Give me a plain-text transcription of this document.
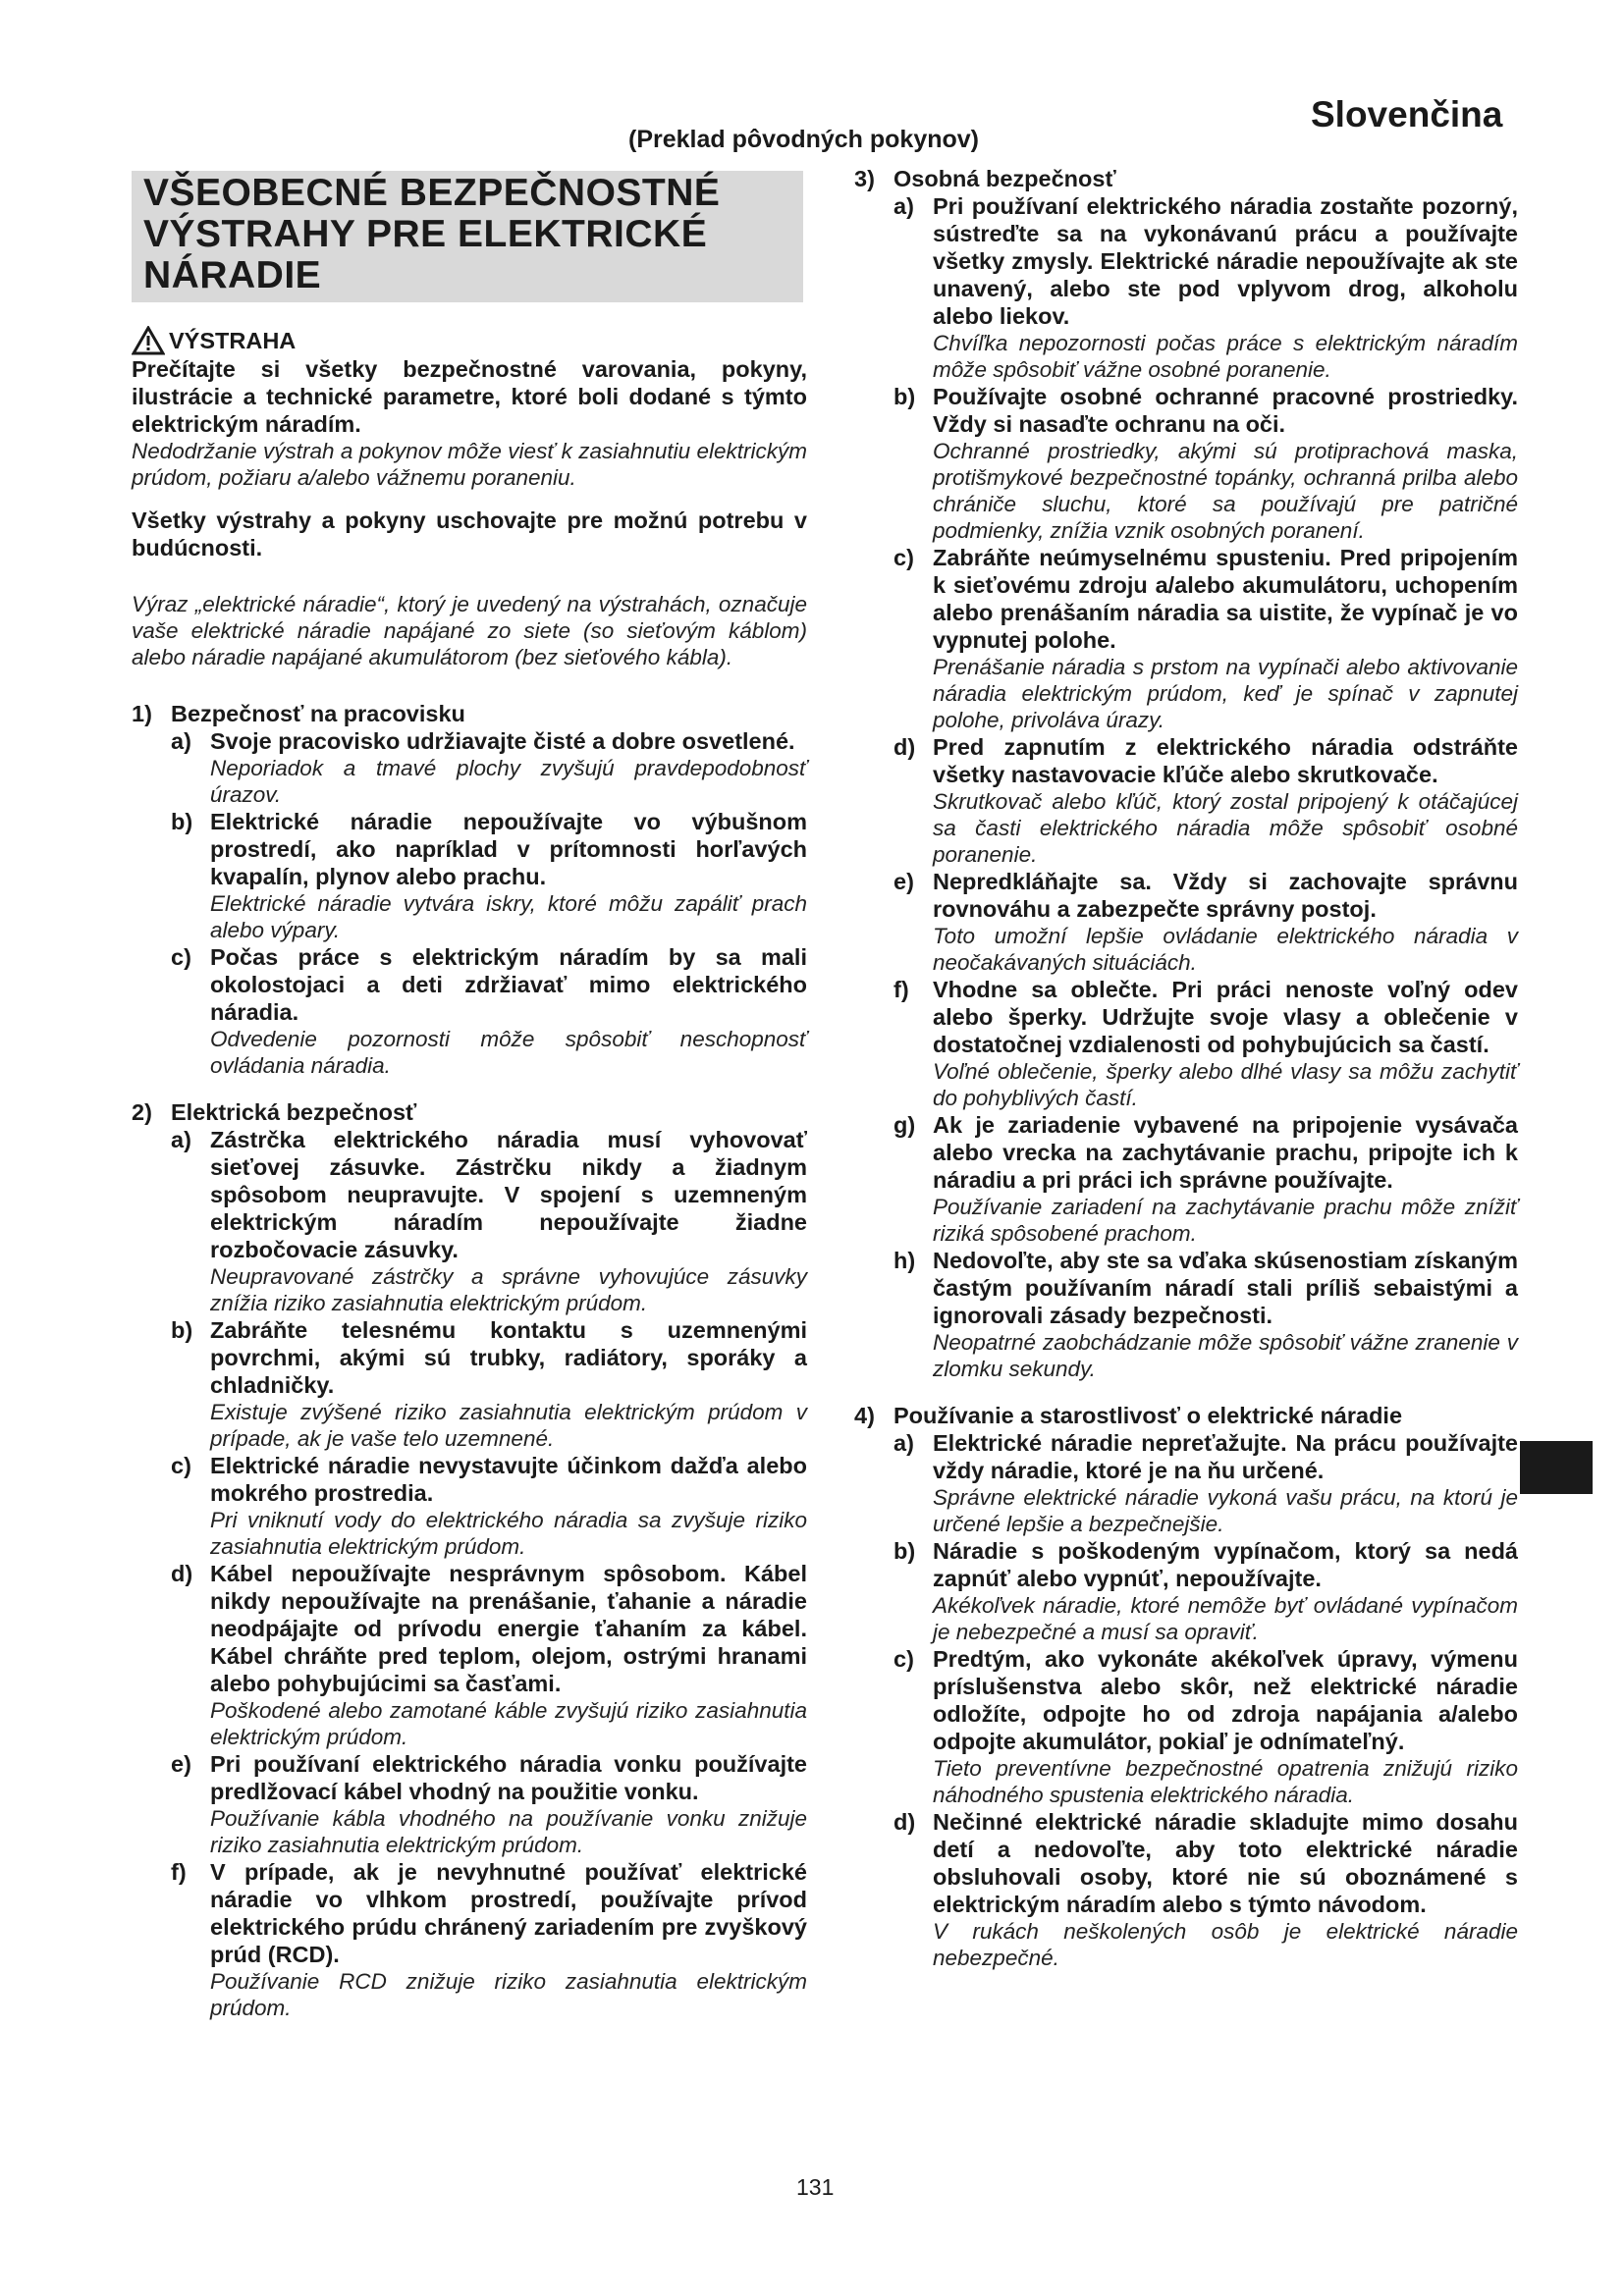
Slovenčina
(Preklad pôvodných pokynov)
VŠEOBECNÉ BEZPEČNOSTNÉ
VÝSTRAHY PRE ELEKTRICKÉ
NÁRADIE
VÝSTRAHA

Prečítajte si všetky bezpečnostné varovania, pokyny, ilustrácie a technické parametre, ktoré boli dodané s týmto elektrickým náradím.

Nedodržanie výstrah a pokynov môže viesť k zasiahnutiu elektrickým prúdom, požiaru a/alebo vážnemu poraneniu.

Všetky výstrahy a pokyny uschovajte pre možnú potrebu v budúcnosti.

Výraz „elektrické náradie“, ktorý je uvedený na výstrahách, označuje vaše elektrické náradie napájané zo siete (so sieťovým káblom) alebo náradie napájané akumulátorom (bez sieťového kábla).

1) Bezpečnosť na pracovisku
a) Svoje pracovisko udržiavajte čisté a dobre osvetlené.

Neporiadok a tmavé plochy zvyšujú pravdepodobnosť úrazov.

b) Elektrické náradie nepoužívajte vo výbušnom prostredí, ako napríklad v prítomnosti horľavých kvapalín, plynov alebo prachu.

Elektrické náradie vytvára iskry, ktoré môžu zapáliť prach alebo výpary.

c) Počas práce s elektrickým náradím by sa mali okolostojaci a deti zdržiavať mimo elektrického náradia.

Odvedenie pozornosti môže spôsobiť neschopnosť ovládania náradia.

2) Elektrická bezpečnosť
a) Zástrčka elektrického náradia musí vyhovovať sieťovej zásuvke. Zástrčku nikdy a žiadnym spôsobom neupravujte. V spojení s uzemneným elektrickým náradím nepoužívajte žiadne rozbočovacie zásuvky.

Neupravované zástrčky a správne vyhovujúce zásuvky znížia riziko zasiahnutia elektrickým prúdom.

b) Zabráňte telesnému kontaktu s uzemnenými povrchmi, akými sú trubky, radiátory, sporáky a chladničky.

Existuje zvýšené riziko zasiahnutia elektrickým prúdom v prípade, ak je vaše telo uzemnené.

c) Elektrické náradie nevystavujte účinkom dažďa alebo mokrého prostredia.

Pri vniknutí vody do elektrického náradia sa zvyšuje riziko zasiahnutia elektrickým prúdom.

d) Kábel nepoužívajte nesprávnym spôsobom. Kábel nikdy nepoužívajte na prenášanie, ťahanie a náradie neodpájajte od prívodu energie ťahaním za kábel. Kábel chráňte pred teplom, olejom, ostrými hranami alebo pohybujúcimi sa časťami.

Poškodené alebo zamotané káble zvyšujú riziko zasiahnutia elektrickým prúdom.

e) Pri používaní elektrického náradia vonku používajte predlžovací kábel vhodný na použitie vonku.

Používanie kábla vhodného na používanie vonku znižuje riziko zasiahnutia elektrickým prúdom.

f)	V prípade, ak je nevyhnutné používať elektrické náradie vo vlhkom prostredí, používajte prívod elektrického prúdu chránený zariadením pre zvyškový prúd (RCD).

Používanie RCD znižuje riziko zasiahnutia elektrickým prúdom.

3) Osobná bezpečnosť
a) Pri používaní elektrického náradia zostaňte pozorný, sústreďte sa na vykonávanú prácu a používajte všetky zmysly. Elektrické náradie nepoužívajte ak ste unavený, alebo ste pod vplyvom drog, alkoholu alebo liekov.

Chvíľka nepozornosti počas práce s elektrickým náradím môže spôsobiť vážne osobné poranenie.

b) Používajte osobné ochranné pracovné prostriedky. Vždy si nasaďte ochranu na oči.

Ochranné prostriedky, akými sú protiprachová maska, protišmykové bezpečnostné topánky, ochranná prilba alebo chrániče sluchu, ktoré sa používajú pre patričné podmienky, znížia vznik osobných poranení.

c) Zabráňte neúmyselnému spusteniu. Pred pripojením k sieťovému zdroju a/alebo akumulátoru, uchopením alebo prenášaním náradia sa uistite, že vypínač je vo vypnutej polohe.

Prenášanie náradia s prstom na vypínači alebo aktivovanie náradia elektrickým prúdom, keď je spínač v zapnutej polohe, privoláva úrazy.

d) Pred zapnutím z elektrického náradia odstráňte všetky nastavovacie kľúče alebo skrutkovače.

Skrutkovač alebo kľúč, ktorý zostal pripojený k otáčajúcej sa časti elektrického náradia môže spôsobiť osobné poranenie.

e) Nepredkláňajte sa. Vždy si zachovajte správnu rovnováhu a zabezpečte správny postoj.

Toto umožní lepšie ovládanie elektrického náradia v neočakávaných situáciách.

f)	Vhodne sa oblečte. Pri práci nenoste voľný odev alebo šperky. Udržujte svoje vlasy a oblečenie v dostatočnej vzdialenosti od pohybujúcich sa častí.

Voľné oblečenie, šperky alebo dlhé vlasy sa môžu zachytiť do pohyblivých častí.

g) Ak je zariadenie vybavené na pripojenie vysávača alebo vrecka na zachytávanie prachu, pripojte ich k náradiu a pri práci ich správne používajte.

Používanie zariadení na zachytávanie prachu môže znížiť riziká spôsobené prachom.

h) Nedovoľte, aby ste sa vďaka skúsenostiam získaným častým používaním náradí stali príliš sebaistými a ignorovali zásady bezpečnosti.

Neopatrné zaobchádzanie môže spôsobiť vážne zranenie v zlomku sekundy.

4) Používanie a starostlivosť o elektrické náradie
a) Elektrické náradie nepreťažujte. Na prácu používajte vždy náradie, ktoré je na ňu určené.

Správne elektrické náradie vykoná vašu prácu, na ktorú je určené lepšie a bezpečnejšie.

b) Náradie s poškodeným vypínačom, ktorý sa nedá zapnúť alebo vypnúť, nepoužívajte.

Akékoľvek náradie, ktoré nemôže byť ovládané vypínačom je nebezpečné a musí sa opraviť.

c) Predtým, ako vykonáte akékoľvek úpravy, výmenu príslušenstva alebo skôr, než elektrické náradie odložíte, odpojte ho od zdroja napájania a/alebo odpojte akumulátor, pokiaľ je odnímateľný.

Tieto preventívne bezpečnostné opatrenia znižujú riziko náhodného spustenia elektrického náradia.

d) Nečinné elektrické náradie skladujte mimo dosahu detí a nedovoľte, aby toto elektrické náradie obsluhovali osoby, ktoré nie sú oboznámené s elektrickým náradím alebo s týmto návodom.

V rukách neškolených osôb je elektrické náradie nebezpečné.

131
